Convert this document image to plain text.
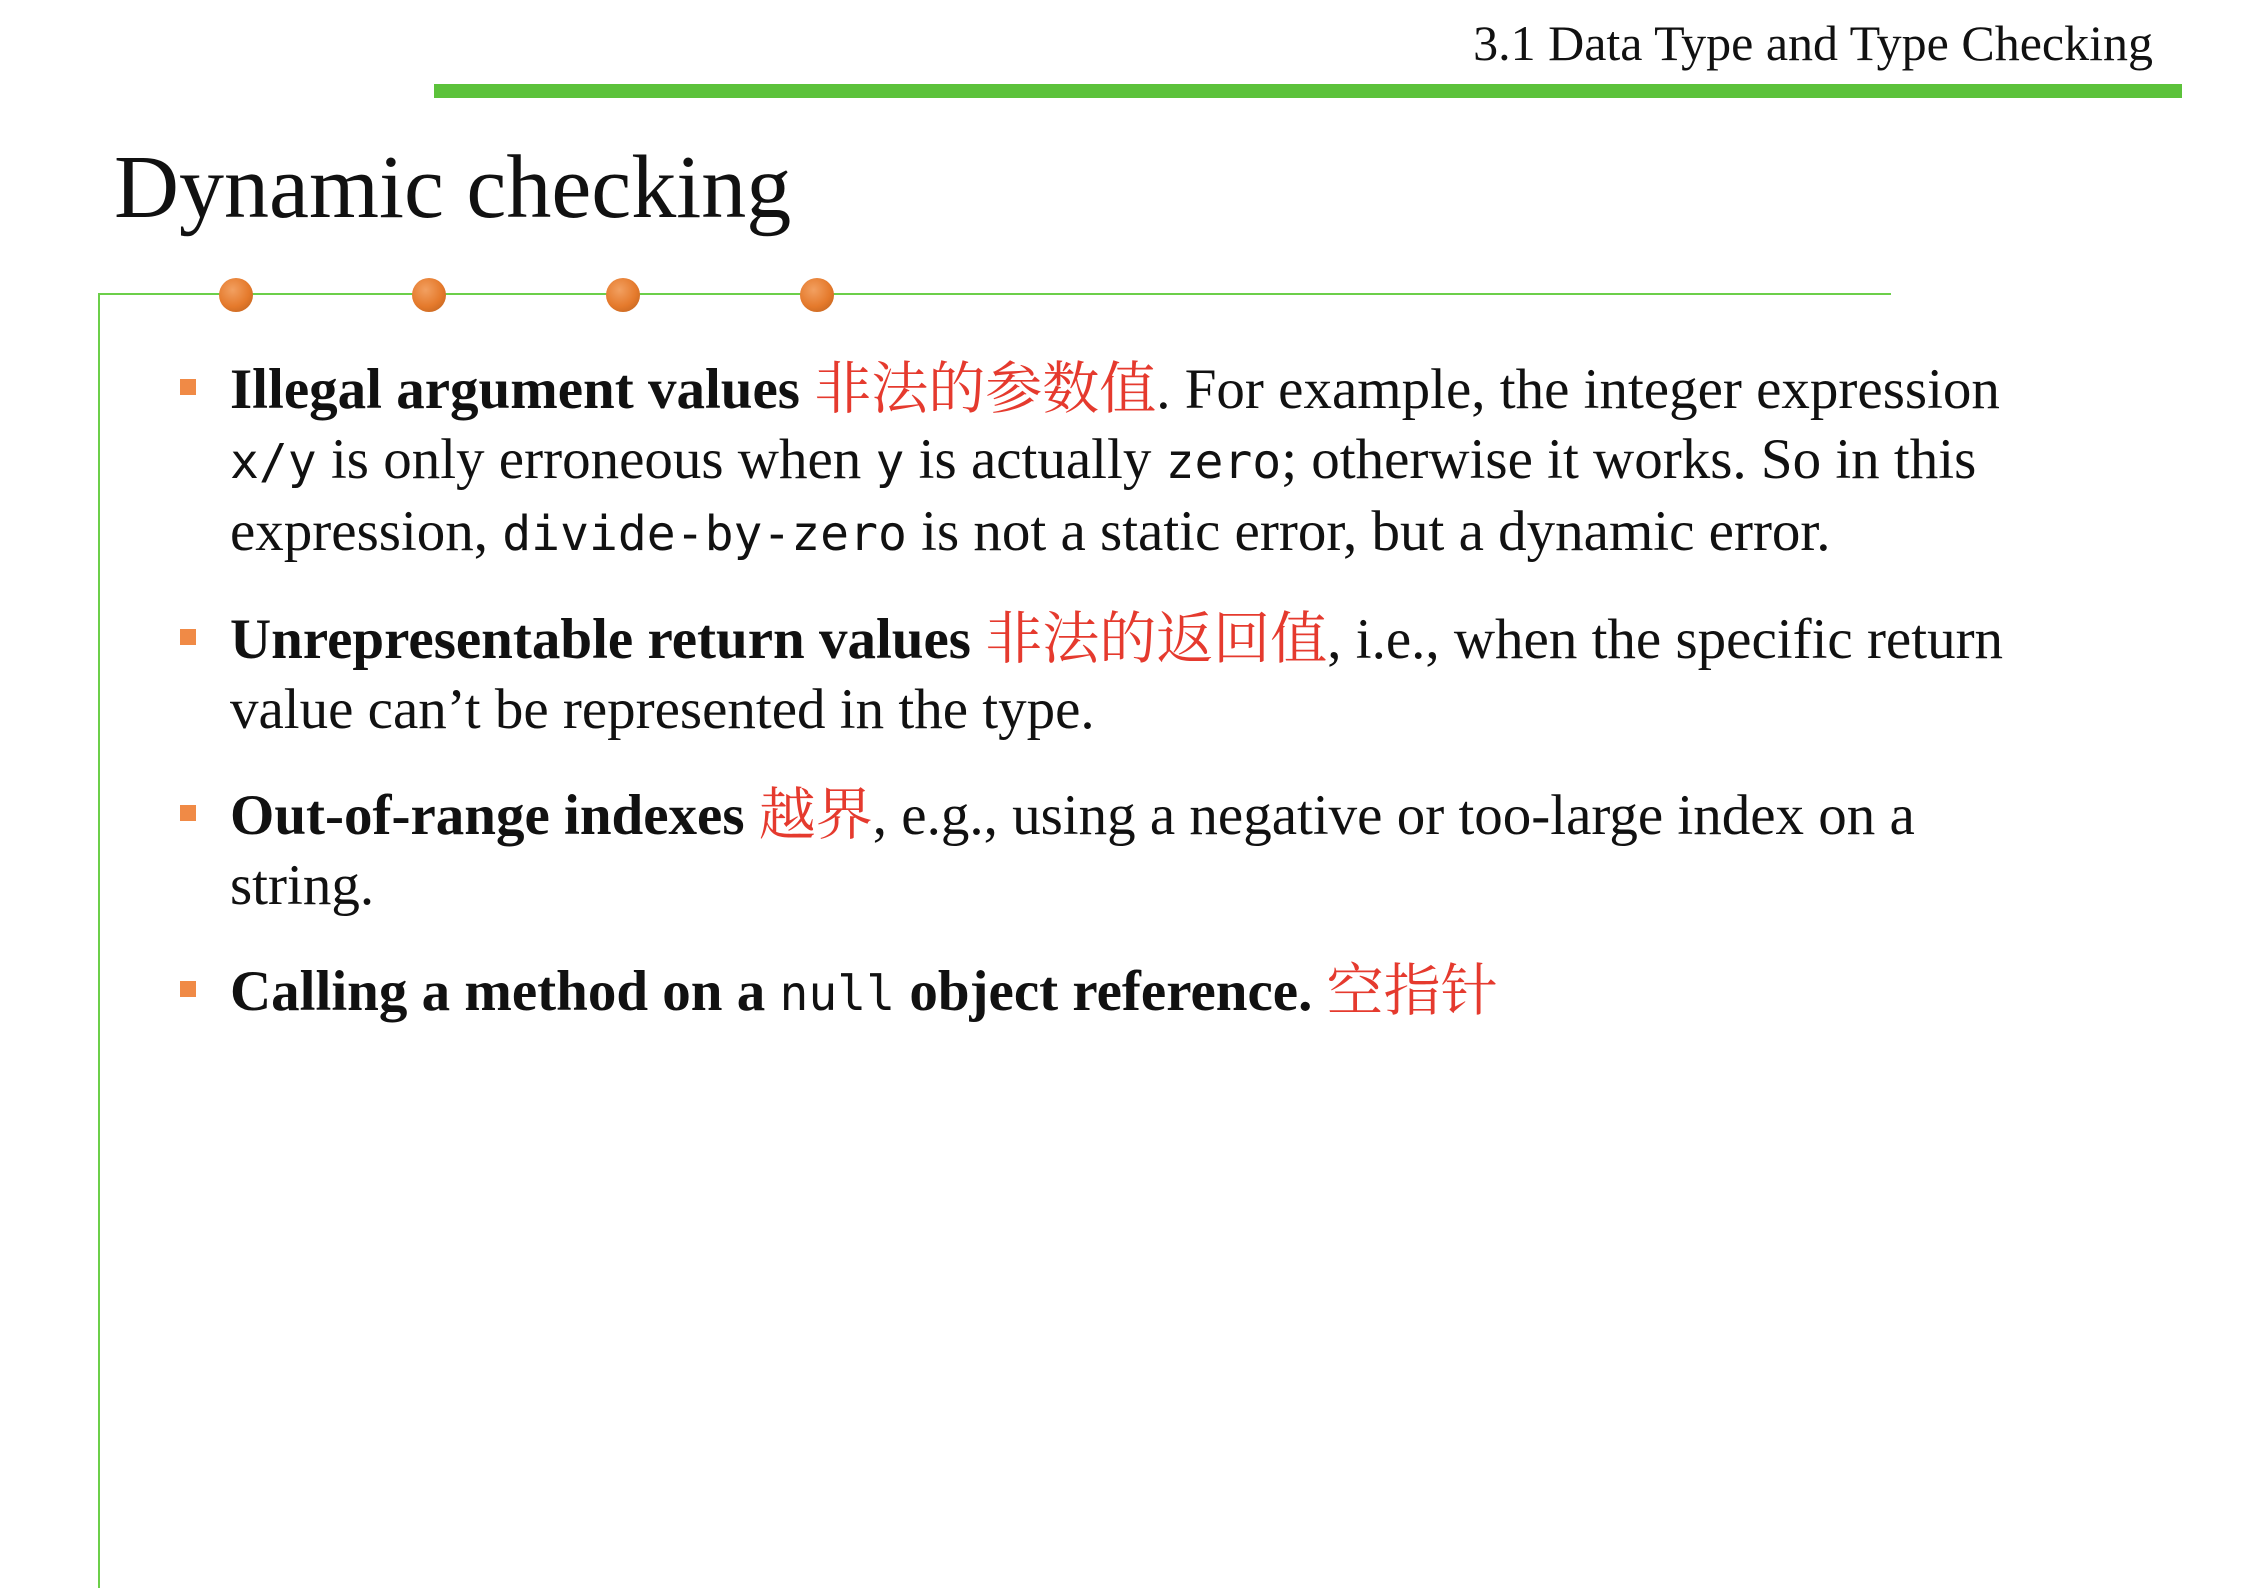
3.1 Data Type and Type Checking
Dynamic checking
Illegal argument values 非法的参数值. For example, the integer expression x/y is only erroneous when y is actually zero; otherwise it works. So in this expression, divide-by-zero is not a static error, but a dynamic error.
Unrepresentable return values 非法的返回值, i.e., when the specific return value can’t be represented in the type.
Out-of-range indexes 越界, e.g., using a negative or too-large index on a string.
Calling a method on a null object reference. 空指针
